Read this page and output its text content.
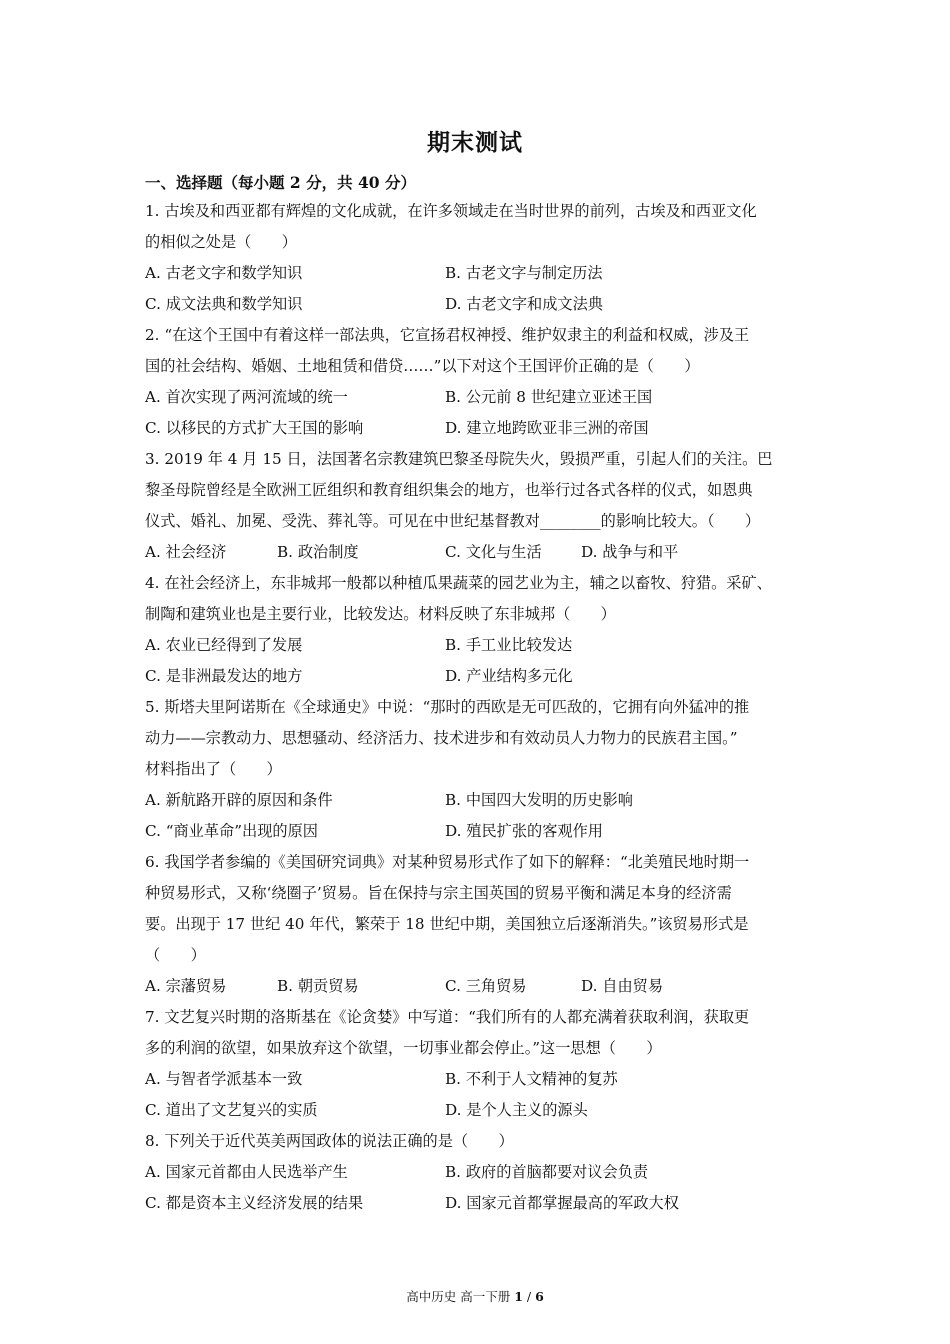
期末测试
一、选择题（每小题 2 分，共 40 分）
1. 古埃及和西亚都有辉煌的文化成就，在许多领域走在当时世界的前列，古埃及和西亚文化
的相似之处是（　　）
A. 古老文字和数学知识	B. 古老文字与制定历法
C. 成文法典和数学知识	D. 古老文字和成文法典
2. “在这个王国中有着这样一部法典，它宣扬君权神授、维护奴隶主的利益和权威，涉及王
国的社会结构、婚姻、土地租赁和借贷……”以下对这个王国评价正确的是（　　）
A. 首次实现了两河流域的统一	B. 公元前 8 世纪建立亚述王国
C. 以移民的方式扩大王国的影响	D. 建立地跨欧亚非三洲的帝国
3. 2019 年 4 月 15 日，法国著名宗教建筑巴黎圣母院失火，毁损严重，引起人们的关注。巴
黎圣母院曾经是全欧洲工匠组织和教育组织集会的地方，也举行过各式各样的仪式，如恩典
仪式、婚礼、加冕、受洗、葬礼等。可见在中世纪基督教对________的影响比较大。（　　）
A. 社会经济	B. 政治制度	C. 文化与生活	D. 战争与和平
4. 在社会经济上，东非城邦一般都以种植瓜果蔬菜的园艺业为主，辅之以畜牧、狩猎。采矿、
制陶和建筑业也是主要行业，比较发达。材料反映了东非城邦（　　）
A. 农业已经得到了发展	B. 手工业比较发达
C. 是非洲最发达的地方	D. 产业结构多元化
5. 斯塔夫里阿诺斯在《全球通史》中说：“那时的西欧是无可匹敌的，它拥有向外猛冲的推
动力——宗教动力、思想骚动、经济活力、技术进步和有效动员人力物力的民族君主国。”
材料指出了（　　）
A. 新航路开辟的原因和条件	B. 中国四大发明的历史影响
C. “商业革命”出现的原因	D. 殖民扩张的客观作用
6. 我国学者参编的《美国研究词典》对某种贸易形式作了如下的解释：“北美殖民地时期一
种贸易形式，又称‘绕圈子’贸易。旨在保持与宗主国英国的贸易平衡和满足本身的经济需
要。出现于 17 世纪 40 年代，繁荣于 18 世纪中期，美国独立后逐渐消失。”该贸易形式是
（　　）
A. 宗藩贸易	B. 朝贡贸易	C. 三角贸易	D. 自由贸易
7. 文艺复兴时期的洛斯基在《论贪婪》中写道：“我们所有的人都充满着获取利润，获取更
多的利润的欲望，如果放弃这个欲望，一切事业都会停止。”这一思想（　　）
A. 与智者学派基本一致	B. 不利于人文精神的复苏
C. 道出了文艺复兴的实质	D. 是个人主义的源头
8. 下列关于近代英美两国政体的说法正确的是（　　）
A. 国家元首都由人民选举产生	B. 政府的首脑都要对议会负责
C. 都是资本主义经济发展的结果	D. 国家元首都掌握最高的军政大权
高中历史 高一下册 1 / 6
